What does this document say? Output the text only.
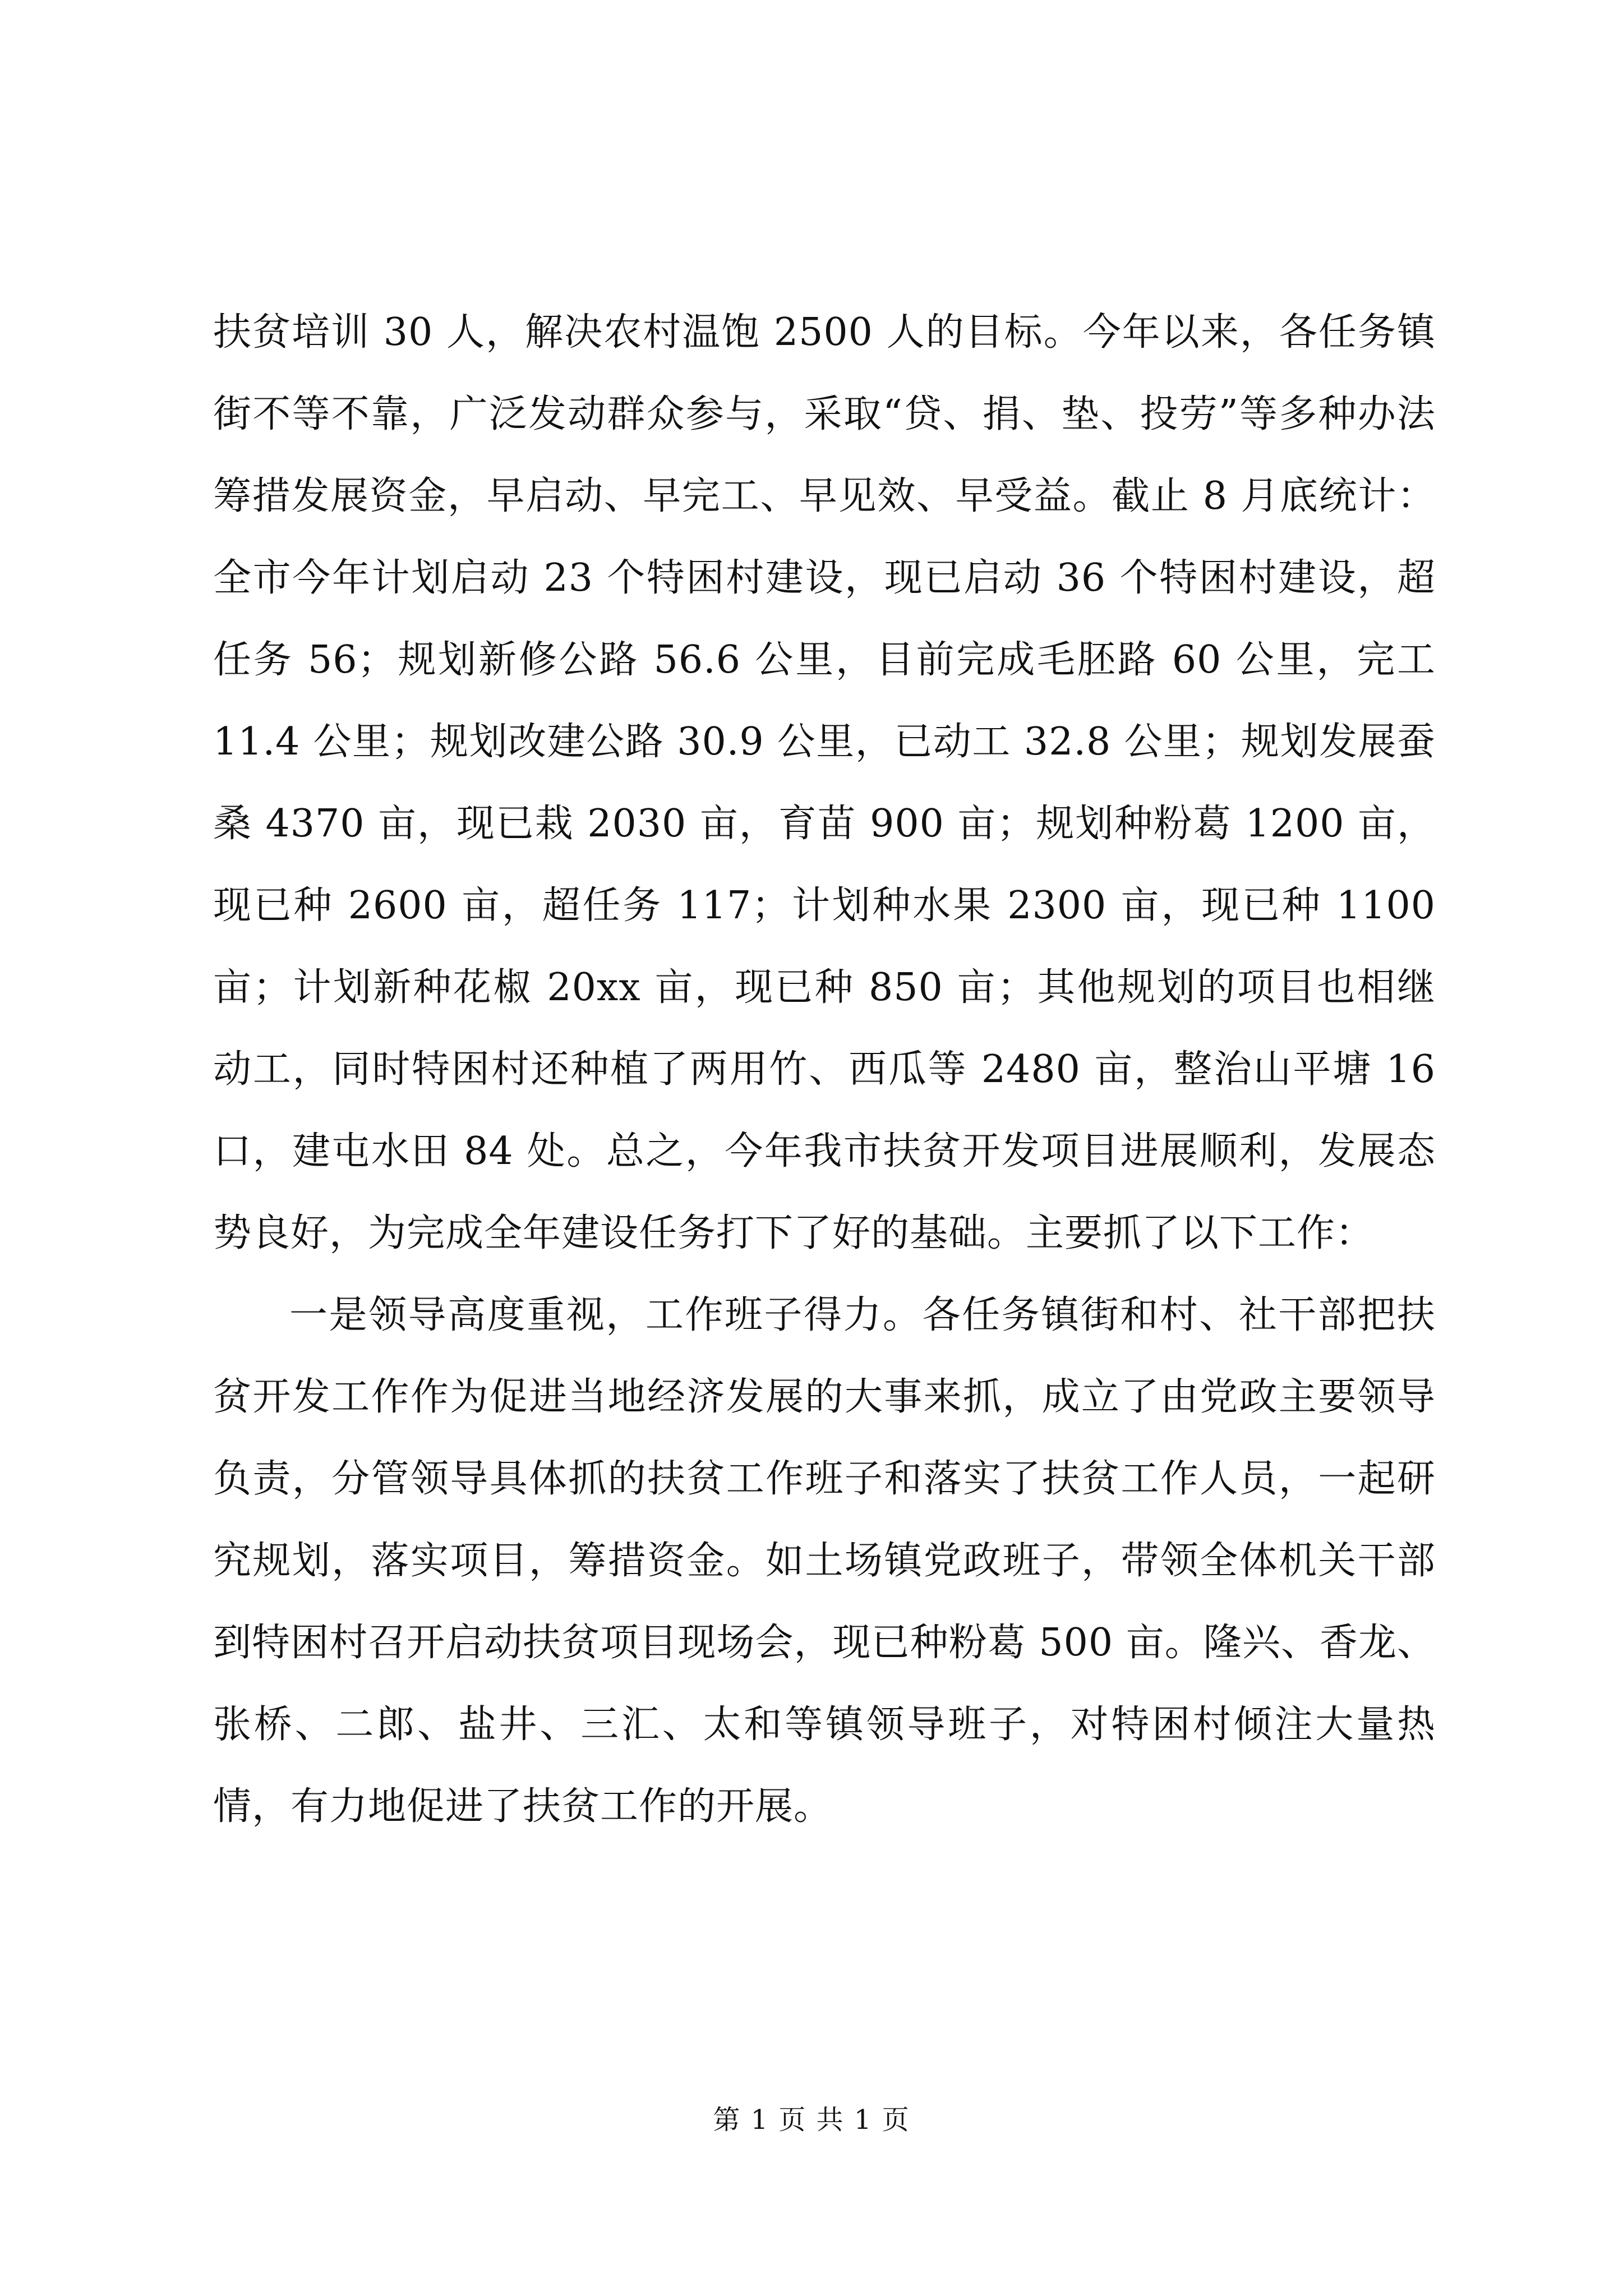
扶贫培训 30 人，解决农村温饱 2500 人的目标。今年以来，各任务镇街不等不靠，广泛发动群众参与，采取“贷、捐、垫、投劳”等多种办法筹措发展资金，早启动、早完工、早见效、早受益。截止 8 月底统计：全市今年计划启动 23 个特困村建设，现已启动 36 个特困村建设，超任务 56；规划新修公路 56.6 公里，目前完成毛胚路 60 公里，完工 11.4 公里；规划改建公路 30.9 公里，已动工 32.8 公里；规划发展蚕桑 4370 亩，现已栽 2030 亩，育苗 900 亩；规划种粉葛 1200 亩，现已种 2600 亩，超任务 117；计划种水果 2300 亩，现已种 1100 亩；计划新种花椒 20xx 亩，现已种 850 亩；其他规划的项目也相继动工，同时特困村还种植了两用竹、西瓜等 2480 亩，整治山平塘 16 口，建屯水田 84 处。总之，今年我市扶贫开发项目进展顺利，发展态势良好，为完成全年建设任务打下了好的基础。主要抓了以下工作：

一是领导高度重视，工作班子得力。各任务镇街和村、社干部把扶贫开发工作作为促进当地经济发展的大事来抓，成立了由党政主要领导负责，分管领导具体抓的扶贫工作班子和落实了扶贫工作人员，一起研究规划，落实项目，筹措资金。如土场镇党政班子，带领全体机关干部到特困村召开启动扶贫项目现场会，现已种粉葛 500 亩。隆兴、香龙、张桥、二郎、盐井、三汇、太和等镇领导班子，对特困村倾注大量热情，有力地促进了扶贫工作的开展。

第 1 页 共 1 页
